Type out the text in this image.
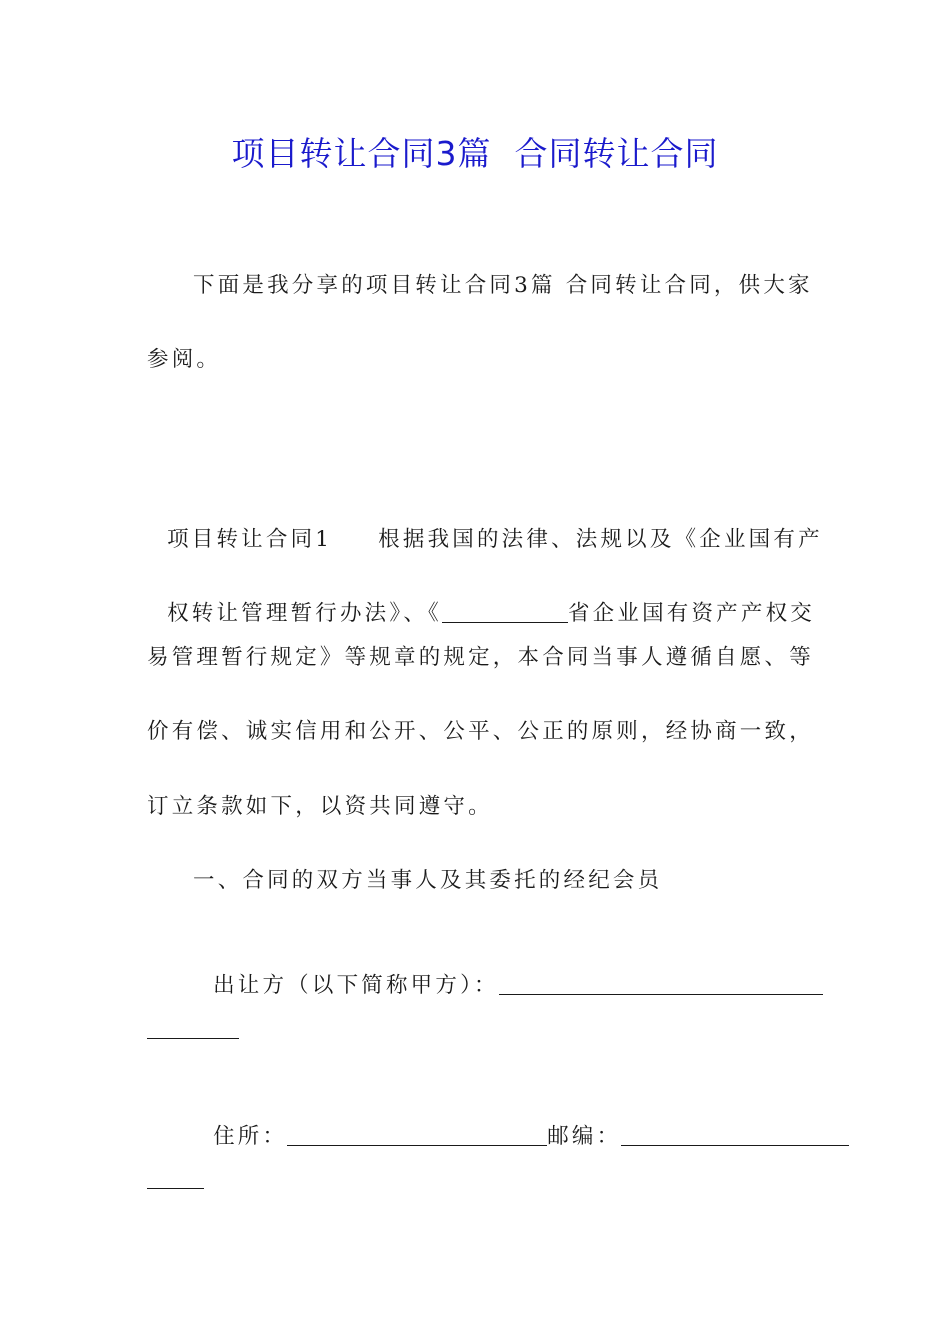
项目转让合同3篇  合同转让合同
下面是我分享的项目转让合同3篇 合同转让合同，供大家
参阅。

项目转让合同1 根据我国的法律、法规以及《企业国有产

权转让管理暂行办法》、《	省企业国有资产产权交

易管理暂行规定》等规章的规定，本合同当事人遵循自愿、等
价有偿、诚实信用和公开、公平、公正的原则，经协商一致，
订立条款如下，以资共同遵守。
一、合同的双方当事人及其委托的经纪会员

出让方（以下简称甲方）：

住所：	邮编：
